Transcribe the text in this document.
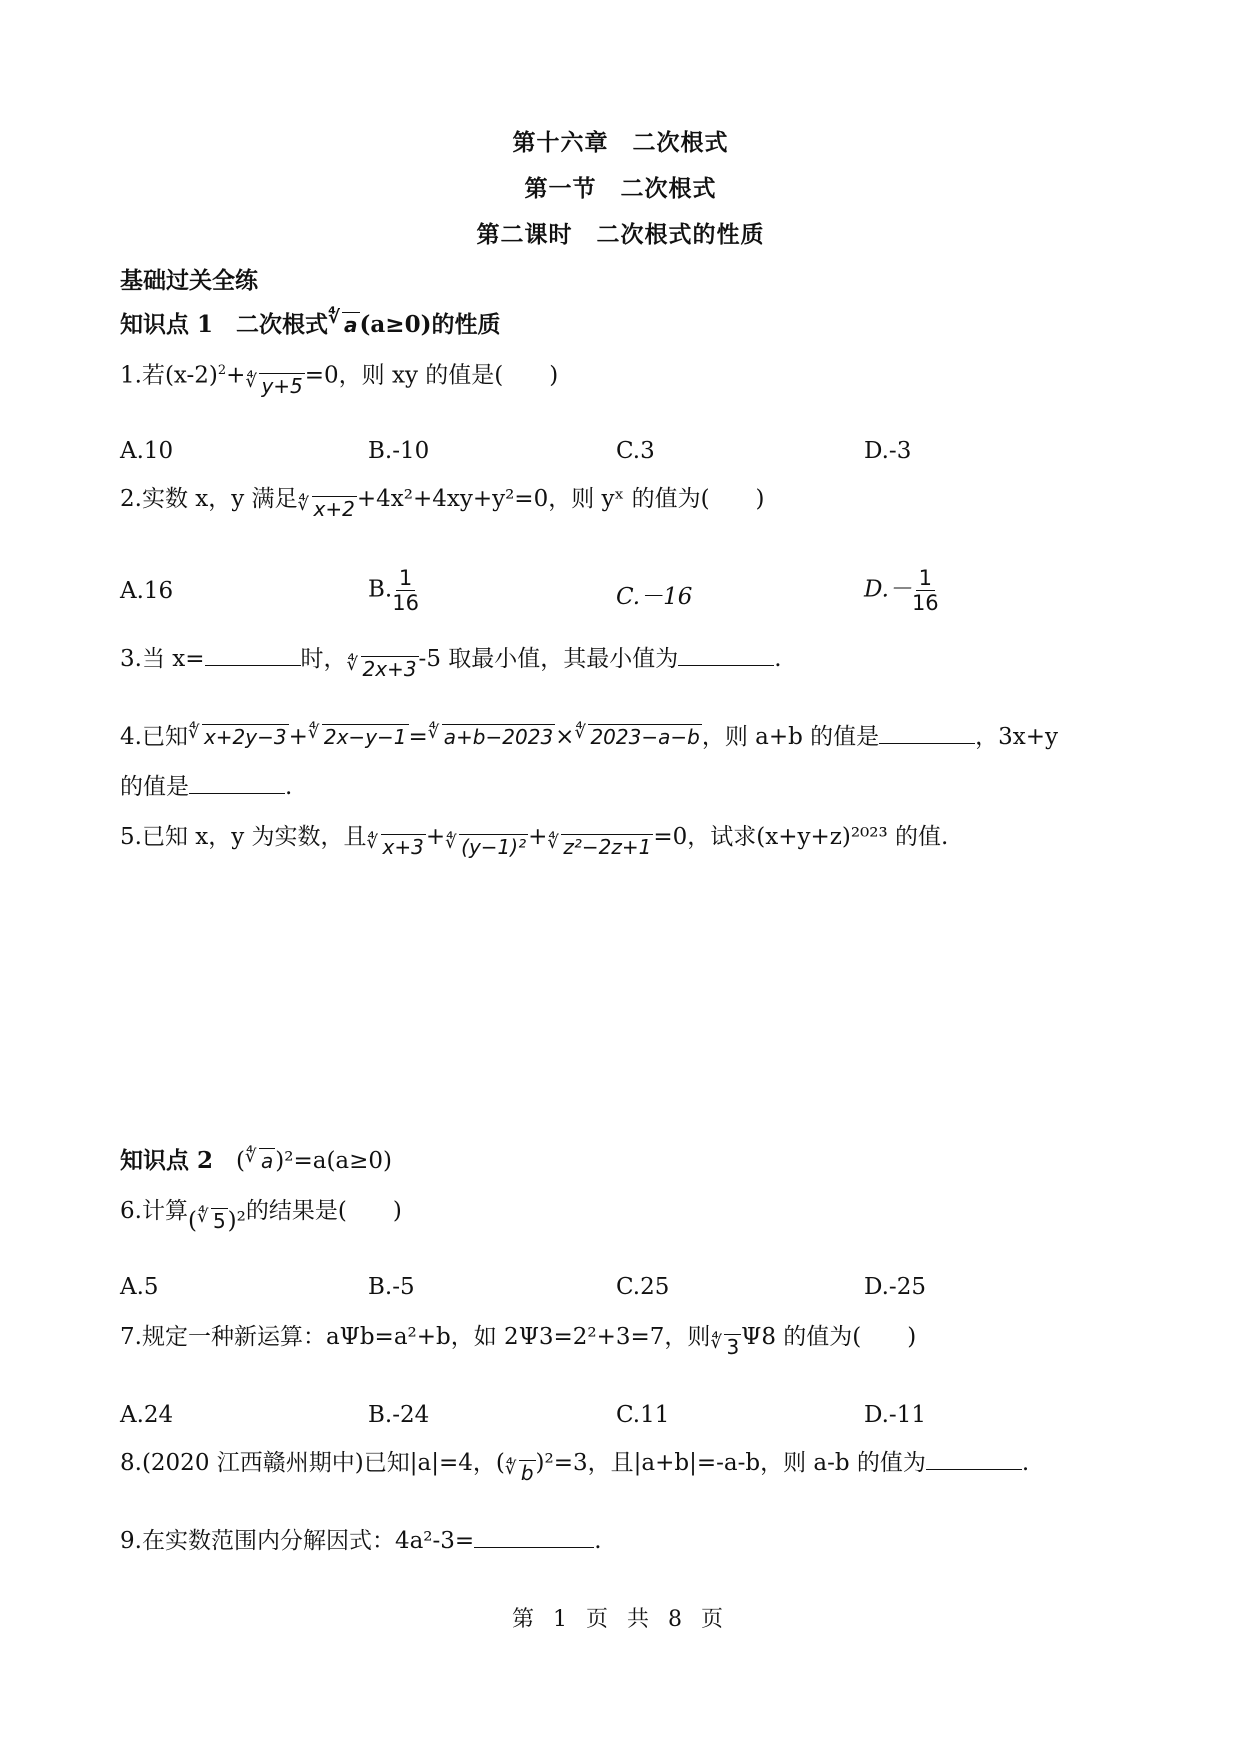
第十六章　二次根式
第一节　二次根式
第二课时　二次根式的性质
基础过关全练
知识点 1　二次根式 ∜ a(a≥0)的性质
1.若$(x-2)^2+$ ∜ y+5=0，则 xy 的值是(　　)
A.10	B.-10	C.3	D.-3
2.实数 x，y 满足 ∜ x+2+4x²+4xy+y²=0，则 yˣ 的值为(　　)
A.16	B. $\frac{1}{16}$	C.－16	$D.- \frac{1}{16}$
3.当 x=	时， ∜ 2x+3-5 取最小值，其最小值为	.
4.已知 ∜ x+2y−3+ ∜ 2x−y−1= ∜ a+b−2023× ∜ 2023−a−b，则 a+b 的值是	，3x+y
的值是	.
5.已知 x，y 为实数，且 ∜ x+3+ ∜ (y−1)²+ ∜ z²−2z+1=0，试求(x+y+z)²⁰²³ 的值.
知识点 2　 ( ∜ a)²=a(a≥0)
6.计算( ∜ 5)²的结果是(　　)
A.5	B.-5	C.25	D.-25
7.规定一种新运算：aΨb=a²+b，如 2Ψ3=2²+3=7，则 ∜ 3Ψ8 的值为(　　)
A.24	B.-24	C.11	D.-11
8.(2020 江西赣州期中)已知|a|=4，( ∜ b)²=3，且|a+b|=-a-b，则 a-b 的值为	.
9.在实数范围内分解因式：4a²-3=	.
第 1 页 共 8 页
